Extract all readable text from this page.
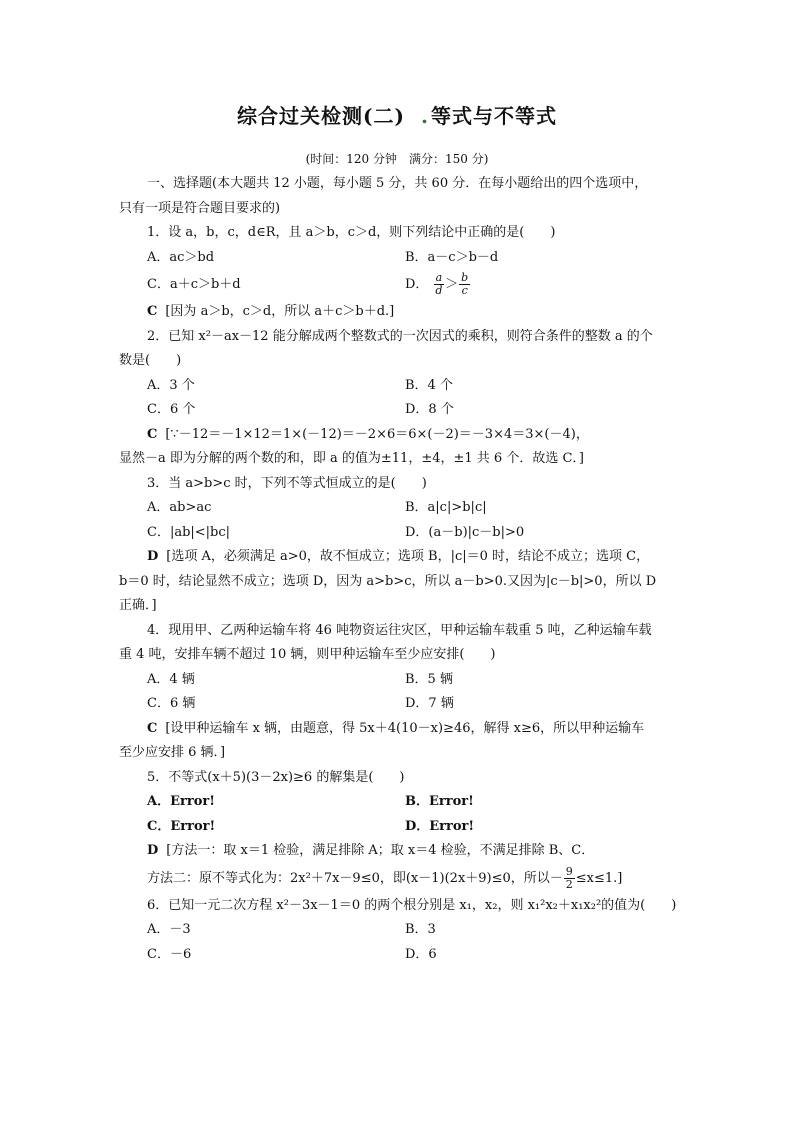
综合过关检测(二) . 等式与不等式
(时间：120 分钟　满分：150 分)

一、选择题(本大题共 12 小题，每小题 5 分，共 60 分．在每小题给出的四个选项中，

只有一项是符合题目要求的)

1．设 a，b，c，d∈R，且 a＞b，c＞d，则下列结论中正确的是(　　)

A．ac＞bd	B．a－c＞b－d
C．a＋c＞b＋d	D． $\frac{a}{d} > \frac{b}{c}$

C [因为 a＞b，c＞d，所以 a＋c＞b＋d.]

2．已知 x²－ax－12 能分解成两个整数式的一次因式的乘积，则符合条件的整数 a 的个

数是(　　)

A．3 个	B．4 个
C．6 个	D．8 个

C [∵－12＝－1×12＝1×(－12)＝－2×6＝6×(－2)＝－3×4＝3×(－4)，

显然－a 即为分解的两个数的和，即 a 的值为±11，±4，±1 共 6 个．故选 C．]

3．当 a>b>c 时，下列不等式恒成立的是(　　)

A．ab>ac	B．a|c|>b|c|
C．|ab|<|bc|	D．(a－b)|c－b|>0

D [选项 A，必须满足 a>0，故不恒成立；选项 B，|c|＝0 时，结论不成立；选项 C，

b＝0 时，结论显然不成立；选项 D，因为 a>b>c，所以 a－b>0.又因为|c－b|>0，所以 D

正确．]

4．现用甲、乙两种运输车将 46 吨物资运往灾区，甲种运输车载重 5 吨，乙种运输车载

重 4 吨，安排车辆不超过 10 辆，则甲种运输车至少应安排(　　)

A．4 辆	B．5 辆
C．6 辆	D．7 辆

C [设甲种运输车 x 辆，由题意，得 5x＋4(10－x)≥46，解得 x≥6，所以甲种运输车

至少应安排 6 辆．]

5．不等式(x＋5)(3－2x)≥6 的解集是(　　)

A．Error!	B．Error!
C．Error!	D．Error!

D [方法一：取 x＝1 检验，满足排除 A；取 x＝4 检验，不满足排除 B、C．

方法二：原不等式化为：2x²＋7x－9≤0，即(x－1)(2x＋9)≤0，所以－ $\frac{9}{2} \le x\le 1$.]

6．已知一元二次方程 x²－3x－1＝0 的两个根分别是 x₁，x₂，则 x₁²x₂＋x₁x₂²的值为(　　)

A．－3	B．3
C．－6	D．6
